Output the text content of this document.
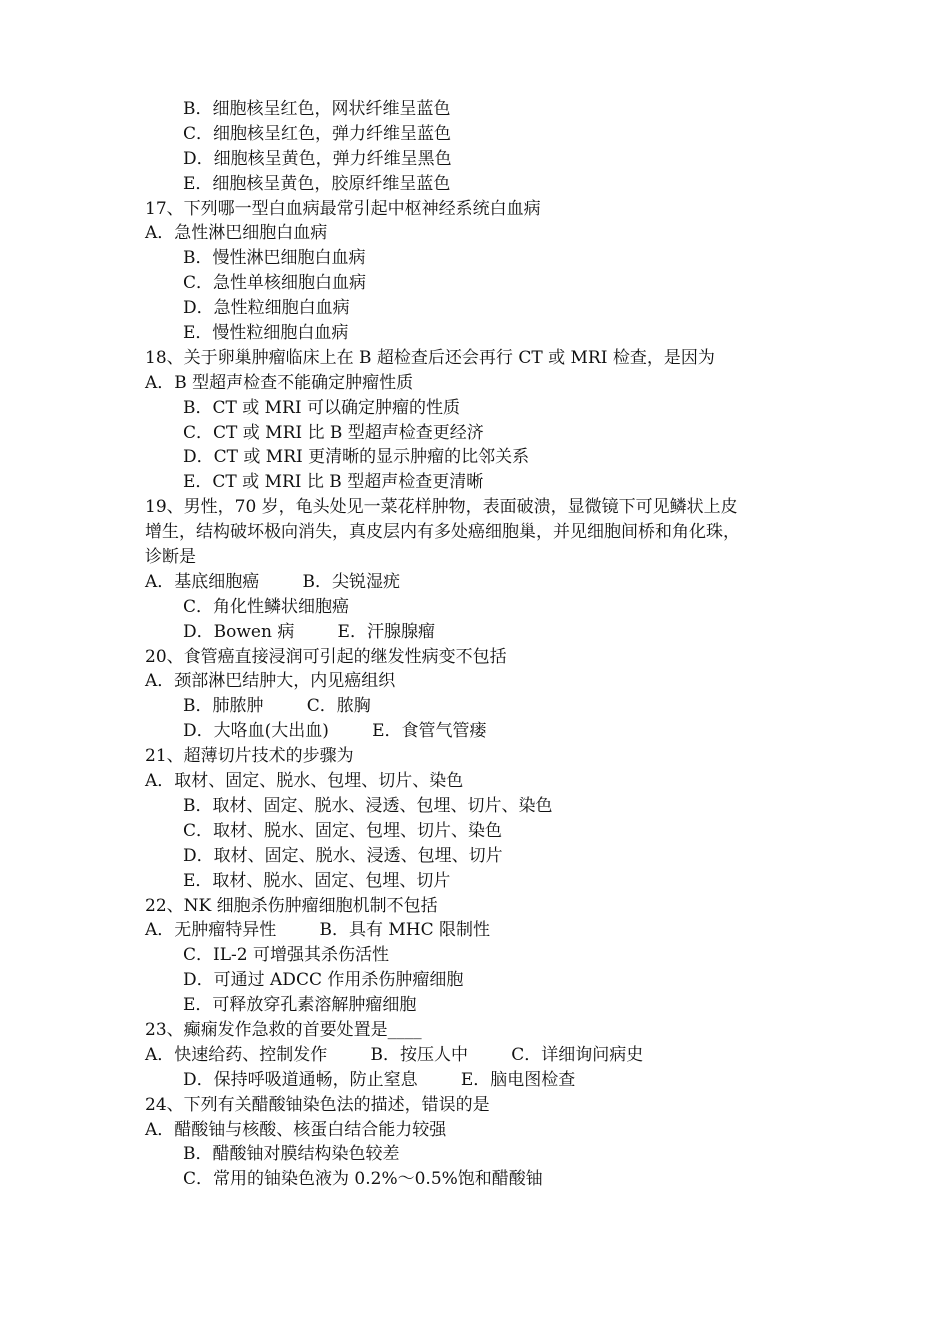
B．细胞核呈红色，网状纤维呈蓝色
C．细胞核呈红色，弹力纤维呈蓝色
D．细胞核呈黄色，弹力纤维呈黑色
E．细胞核呈黄色，胶原纤维呈蓝色
17、下列哪一型白血病最常引起中枢神经系统白血病
A．急性淋巴细胞白血病
B．慢性淋巴细胞白血病
C．急性单核细胞白血病
D．急性粒细胞白血病
E．慢性粒细胞白血病
18、关于卵巢肿瘤临床上在 B 超检查后还会再行 CT 或 MRI 检查，是因为
A．B 型超声检查不能确定肿瘤性质
B．CT 或 MRI 可以确定肿瘤的性质
C．CT 或 MRI 比 B 型超声检查更经济
D．CT 或 MRI 更清晰的显示肿瘤的比邻关系
E．CT 或 MRI 比 B 型超声检查更清晰
19、男性，70 岁，龟头处见一菜花样肿物，表面破溃，显微镜下可见鳞状上皮
增生，结构破坏极向消失，真皮层内有多处癌细胞巢，并见细胞间桥和角化珠，
诊断是
A．基底细胞癌        B．尖锐湿疣
C．角化性鳞状细胞癌
D．Bowen 病        E．汗腺腺瘤
20、食管癌直接浸润可引起的继发性病变不包括
A．颈部淋巴结肿大，内见癌组织
B．肺脓肿        C．脓胸
D．大咯血(大出血)        E．食管气管瘘
21、超薄切片技术的步骤为
A．取材、固定、脱水、包埋、切片、染色
B．取材、固定、脱水、浸透、包埋、切片、染色
C．取材、脱水、固定、包埋、切片、染色
D．取材、固定、脱水、浸透、包埋、切片
E．取材、脱水、固定、包埋、切片
22、NK 细胞杀伤肿瘤细胞机制不包括
A．无肿瘤特异性        B．具有 MHC 限制性
C．IL-2 可增强其杀伤活性
D．可通过 ADCC 作用杀伤肿瘤细胞
E．可释放穿孔素溶解肿瘤细胞
23、癫痫发作急救的首要处置是____
A．快速给药、控制发作        B．按压人中        C．详细询问病史
D．保持呼吸道通畅，防止窒息        E．脑电图检查
24、下列有关醋酸铀染色法的描述，错误的是
A．醋酸铀与核酸、核蛋白结合能力较强
B．醋酸铀对膜结构染色较差
C．常用的铀染色液为 0.2%～0.5%饱和醋酸铀
